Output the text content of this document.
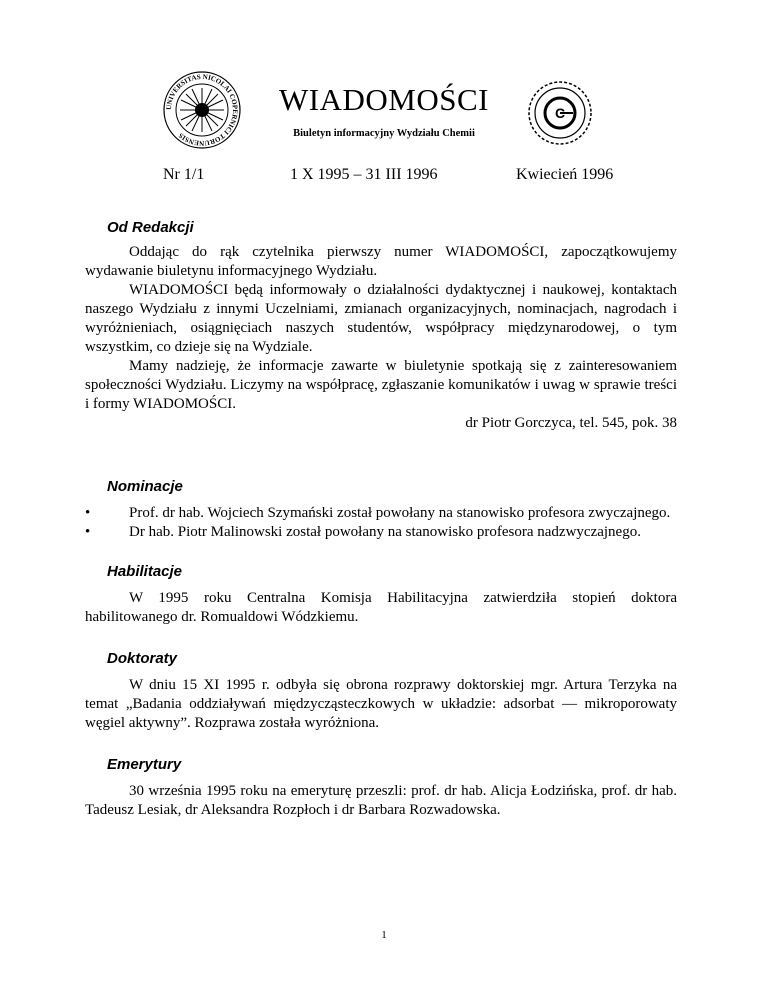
UNIVERSITAS NICOLAI COPERNICI TORUNENSIS
WIADOMOŚCI
Biuletyn informacyjny Wydziału Chemii
C
Nr 1/1	1 X 1995 – 31 III 1996	Kwiecień 1996
Od Redakcji

Oddając do rąk czytelnika pierwszy numer WIADOMOŚCI, zapoczątkowujemy wydawanie biuletynu informacyjnego Wydziału.

WIADOMOŚCI będą informowały o działalności dydaktycznej i naukowej, kontaktach naszego Wydziału z innymi Uczelniami, zmianach organizacyjnych, nominacjach, nagrodach i wyróżnieniach, osiągnięciach naszych studentów, współpracy międzynarodowej, o tym wszystkim, co dzieje się na Wydziale.

Mamy nadzieję, że informacje zawarte w biuletynie spotkają się z zainteresowaniem społeczności Wydziału. Liczymy na współpracę, zgłaszanie komunikatów i uwag w sprawie treści i formy WIADOMOŚCI.

dr Piotr Gorczyca, tel. 545, pok. 38

Nominacje

•	Prof. dr hab. Wojciech Szymański został powołany na stanowisko profesora zwyczajnego.

•	Dr hab. Piotr Malinowski został powołany na stanowisko profesora nadzwyczajnego.

Habilitacje

W 1995 roku Centralna Komisja Habilitacyjna zatwierdziła stopień doktora habilitowanego dr. Romualdowi Wódzkiemu.

Doktoraty

W dniu 15 XI 1995 r. odbyła się obrona rozprawy doktorskiej mgr. Artura Terzyka na temat „Badania oddziaływań międzycząsteczkowych w układzie: adsorbat — mikroporowaty węgiel aktywny”. Rozprawa została wyróżniona.

Emerytury

30 września 1995 roku na emeryturę przeszli: prof. dr hab. Alicja Łodzińska, prof. dr hab. Tadeusz Lesiak, dr Aleksandra Rozpłoch i dr Barbara Rozwadowska.

1
